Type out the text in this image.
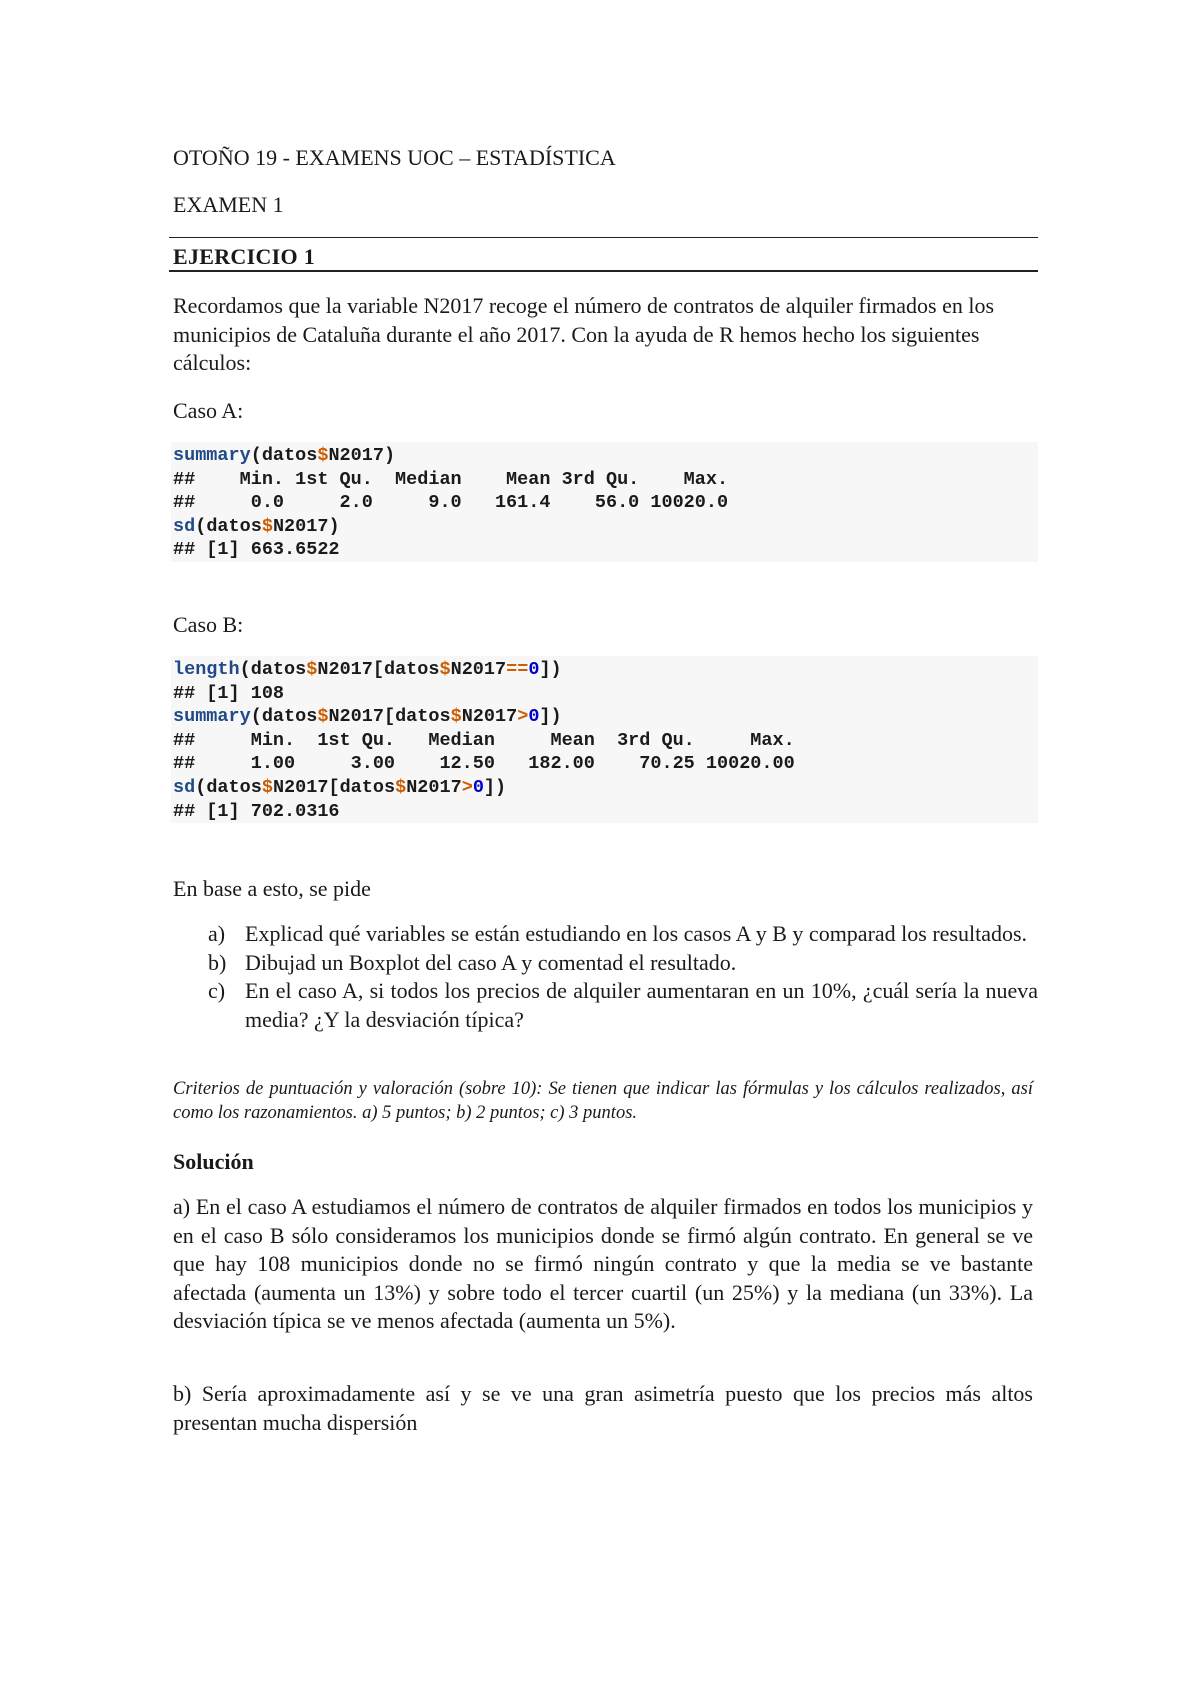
OTOÑO 19 - EXAMENS UOC – ESTADÍSTICA
EXAMEN 1
EJERCICIO 1
Recordamos que la variable N2017 recoge el número de contratos de alquiler firmados en los municipios de Cataluña durante el año 2017. Con la ayuda de R hemos hecho los siguientes cálculos:
Caso A:
summary(datos$N2017)
##    Min. 1st Qu.  Median    Mean 3rd Qu.    Max.
##     0.0     2.0     9.0   161.4    56.0 10020.0
sd(datos$N2017)
## [1] 663.6522
Caso B:
length(datos$N2017[datos$N2017==0])
## [1] 108
summary(datos$N2017[datos$N2017>0])
##     Min.  1st Qu.   Median     Mean  3rd Qu.     Max.
##     1.00     3.00    12.50   182.00    70.25 10020.00
sd(datos$N2017[datos$N2017>0])
## [1] 702.0316
En base a esto, se pide
a) Explicad qué variables se están estudiando en los casos A y B y comparad los resultados.
b) Dibujad un Boxplot del caso A y comentad el resultado.
c) En el caso A, si todos los precios de alquiler aumentaran en un 10%, ¿cuál sería la nueva media? ¿Y la desviación típica?
Criterios de puntuación y valoración (sobre 10): Se tienen que indicar las fórmulas y los cálculos realizados, así como los razonamientos. a) 5 puntos; b) 2 puntos; c) 3 puntos.
Solución
a) En el caso A estudiamos el número de contratos de alquiler firmados en todos los municipios y en el caso B sólo consideramos los municipios donde se firmó algún contrato. En general se ve que hay 108 municipios donde no se firmó ningún contrato y que la media se ve bastante afectada (aumenta un 13%) y sobre todo el tercer cuartil (un 25%) y la mediana (un 33%). La desviación típica se ve menos afectada (aumenta un 5%).
b) Sería aproximadamente así y se ve una gran asimetría puesto que los precios más altos presentan mucha dispersión
